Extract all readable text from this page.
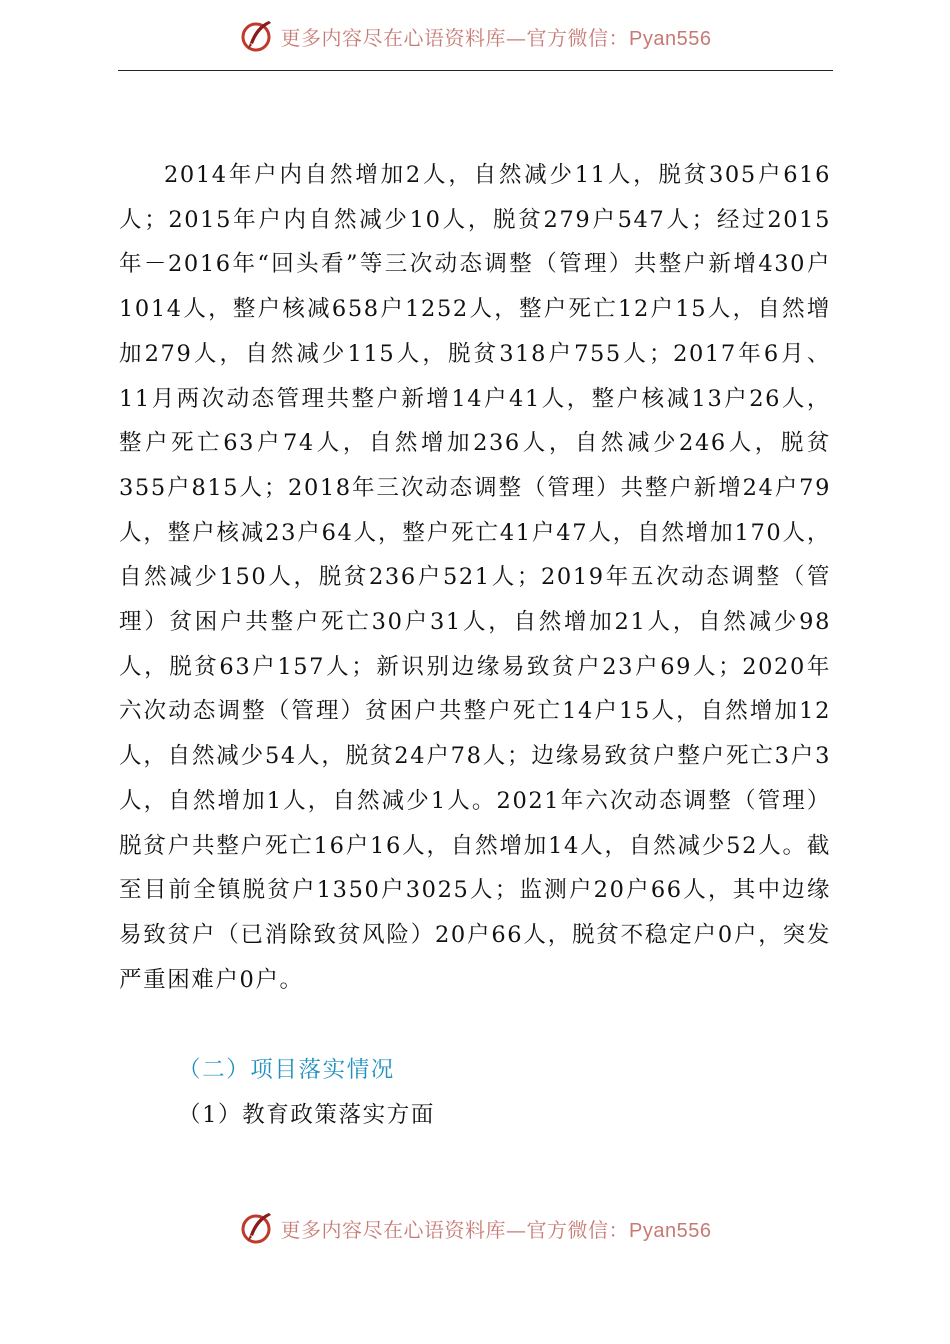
更多内容尽在心语资料库—官方微信：Pyan556

2014年户内自然增加2人，自然减少11人，脱贫305户616人；2015年户内自然减少10人，脱贫279户547人；经过2015年－2016年“回头看”等三次动态调整（管理）共整户新增430户1014人，整户核减658户1252人，整户死亡12户15人，自然增加279人，自然减少115人，脱贫318户755人；2017年6月、11月两次动态管理共整户新增14户41人，整户核减13户26人，整户死亡63户74人，自然增加236人，自然减少246人，脱贫355户815人；2018年三次动态调整（管理）共整户新增24户79人，整户核减23户64人，整户死亡41户47人，自然增加170人，自然减少150人，脱贫236户521人；2019年五次动态调整（管理）贫困户共整户死亡30户31人，自然增加21人，自然减少98人，脱贫63户157人；新识别边缘易致贫户23户69人；2020年六次动态调整（管理）贫困户共整户死亡14户15人，自然增加12人，自然减少54人，脱贫24户78人；边缘易致贫户整户死亡3户3人，自然增加1人，自然减少1人。2021年六次动态调整（管理）脱贫户共整户死亡16户16人，自然增加14人，自然减少52人。截至目前全镇脱贫户1350户3025人；监测户20户66人，其中边缘易致贫户（已消除致贫风险）20户66人，脱贫不稳定户0户，突发严重困难户0户。

（二）项目落实情况
（1）教育政策落实方面
更多内容尽在心语资料库—官方微信：Pyan556
